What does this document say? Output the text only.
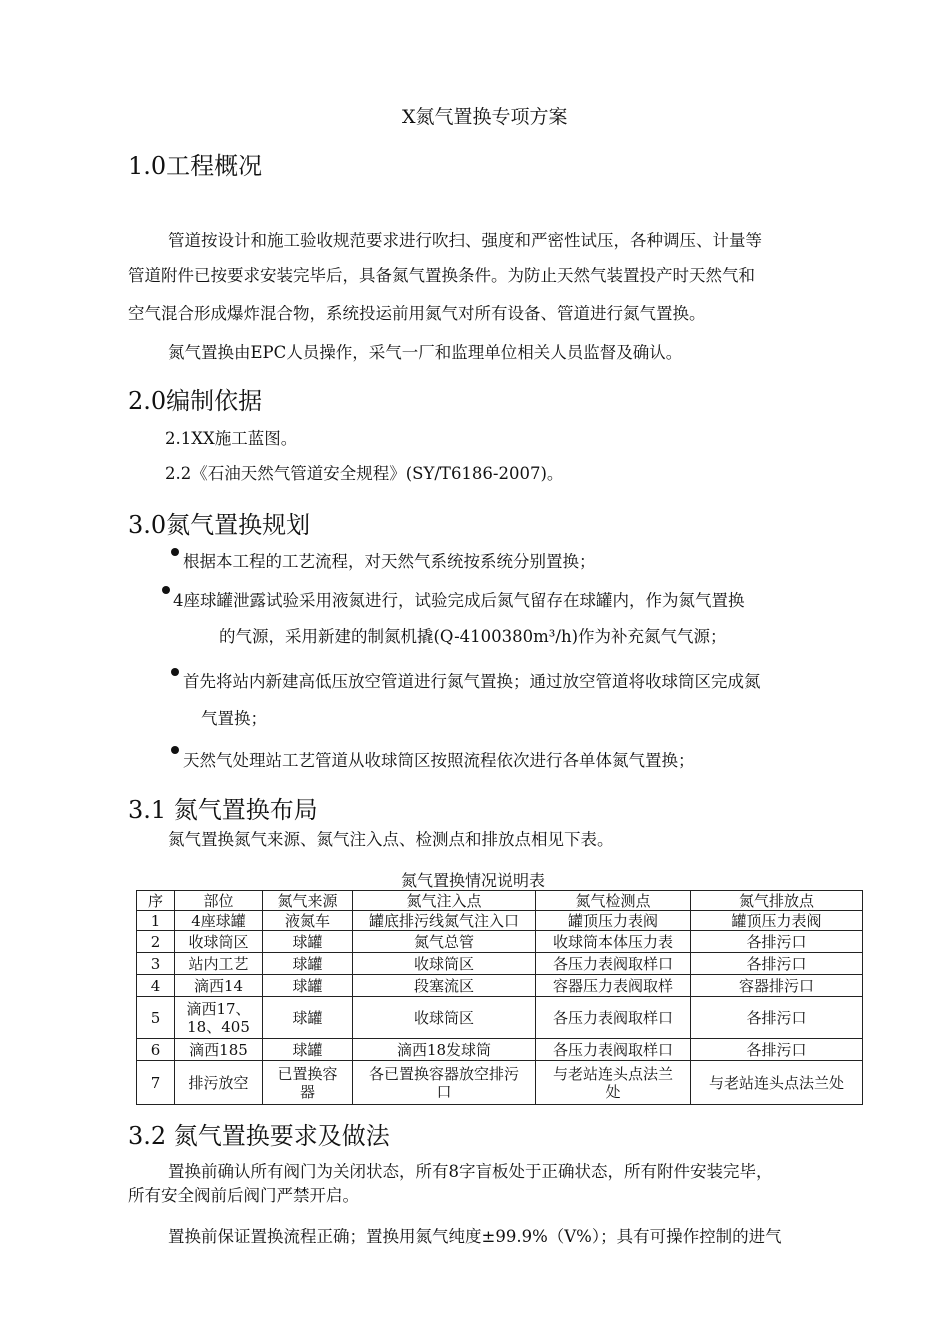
X氮气置换专项方案
1.0工程概况
管道按设计和施工验收规范要求进行吹扫、强度和严密性试压，各种调压、计量等
管道附件已按要求安装完毕后，具备氮气置换条件。为防止天然气装置投产时天然气和
空气混合形成爆炸混合物，系统投运前用氮气对所有设备、管道进行氮气置换。
氮气置换由EPC人员操作，采气一厂和监理单位相关人员监督及确认。
2.0编制依据
2.1XX施工蓝图。
2.2《石油天然气管道安全规程》(SY/T6186-2007)。
3.0氮气置换规划
根据本工程的工艺流程，对天然气系统按系统分别置换；
4座球罐泄露试验采用液氮进行，试验完成后氮气留存在球罐内，作为氮气置换
的气源，采用新建的制氮机撬(Q-4100380m³/h)作为补充氮气气源；
首先将站内新建高低压放空管道进行氮气置换；通过放空管道将收球筒区完成氮
气置换；
天然气处理站工艺管道从收球筒区按照流程依次进行各单体氮气置换；
3.1 氮气置换布局
氮气置换氮气来源、氮气注入点、检测点和排放点相见下表。
氮气置换情况说明表
序	部位	氮气来源	氮气注入点	氮气检测点	氮气排放点
1	4座球罐	液氮车	罐底排污线氮气注入口	罐顶压力表阀	罐顶压力表阀
2	收球筒区	球罐	氮气总管	收球筒本体压力表	各排污口
3	站内工艺	球罐	收球筒区	各压力表阀取样口	各排污口
4	滴西14	球罐	段塞流区	容器压力表阀取样	容器排污口
5	滴西17、
18、405	球罐	收球筒区	各压力表阀取样口	各排污口
6	滴西185	球罐	滴西18发球筒	各压力表阀取样口	各排污口
7	排污放空	已置换容
器	各已置换容器放空排污
口	与老站连头点法兰
处	与老站连头点法兰处
3.2 氮气置换要求及做法
置换前确认所有阀门为关闭状态，所有8字盲板处于正确状态，所有附件安装完毕，
所有安全阀前后阀门严禁开启。
置换前保证置换流程正确；置换用氮气纯度±99.9%（V%）；具有可操作控制的进气
